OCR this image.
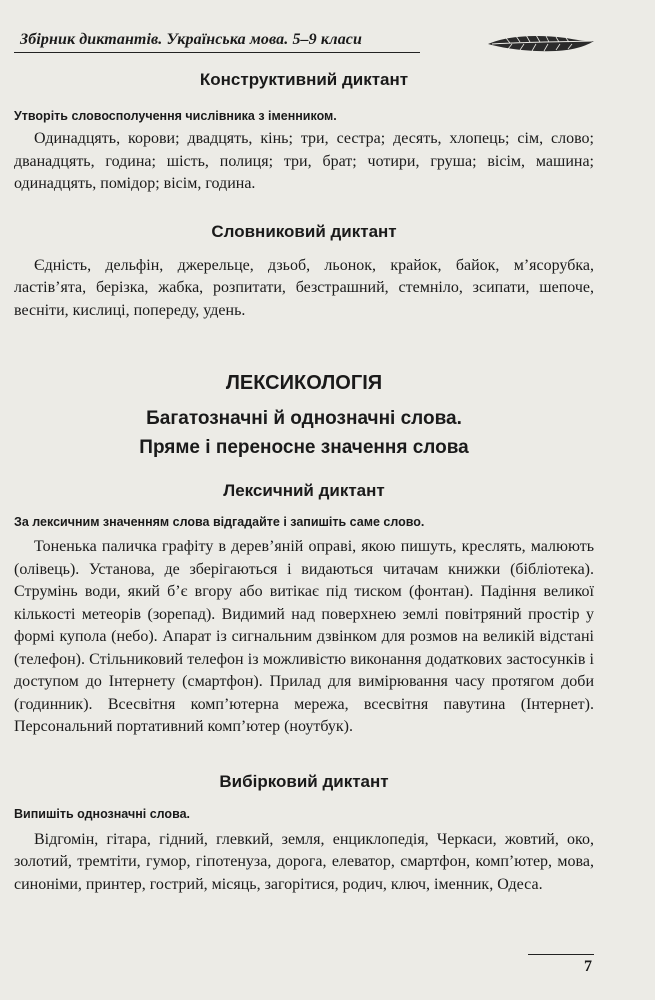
Збірник диктантів. Українська мова. 5–9 класи
Конструктивний диктант

Утворіть словосполучення числівника з іменником.

Одинадцять, корови; двадцять, кінь; три, сестра; десять, хлопець; сім, слово; дванадцять, година; шість, полиця; три, брат; чотири, груша; вісім, машина; одинадцять, помідор; вісім, година.

Словниковий диктант

Єдність, дельфін, джерельце, дзьоб, льонок, крайок, байок, м’ясорубка, ластів’ята, берізка, жабка, розпитати, безстрашний, стемніло, зсипати, шепоче, весніти, кислиці, попереду, удень.

ЛЕКСИКОЛОГІЯ
Багатозначні й однозначні слова.
Пряме і переносне значення слова
Лексичний диктант

За лексичним значенням слова відгадайте і запишіть саме слово.

Тоненька паличка графіту в дерев’яній оправі, якою пишуть, креслять, малюють (олівець). Установа, де зберігаються і видаються читачам книжки (бібліотека). Струмінь води, який б’є вгору або витікає під тиском (фонтан). Падіння великої кількості метеорів (зорепад). Видимий над поверхнею землі повітряний простір у формі купола (небо). Апарат із сигнальним дзвінком для розмов на великій відстані (телефон). Стільниковий телефон із можливістю виконання додаткових застосунків і доступом до Інтернету (смартфон). Прилад для вимірювання часу протягом доби (годинник). Всесвітня комп’ютерна мережа, всесвітня павутина (Інтернет). Персональний портативний комп’ютер (ноутбук).

Вибірковий диктант

Випишіть однозначні слова.

Відгомін, гітара, гідний, глевкий, земля, енциклопедія, Черкаси, жовтий, око, золотий, тремтіти, гумор, гіпотенуза, дорога, елеватор, смартфон, комп’ютер, мова, синоніми, принтер, гострий, місяць, загорітися, родич, ключ, іменник, Одеса.

7
